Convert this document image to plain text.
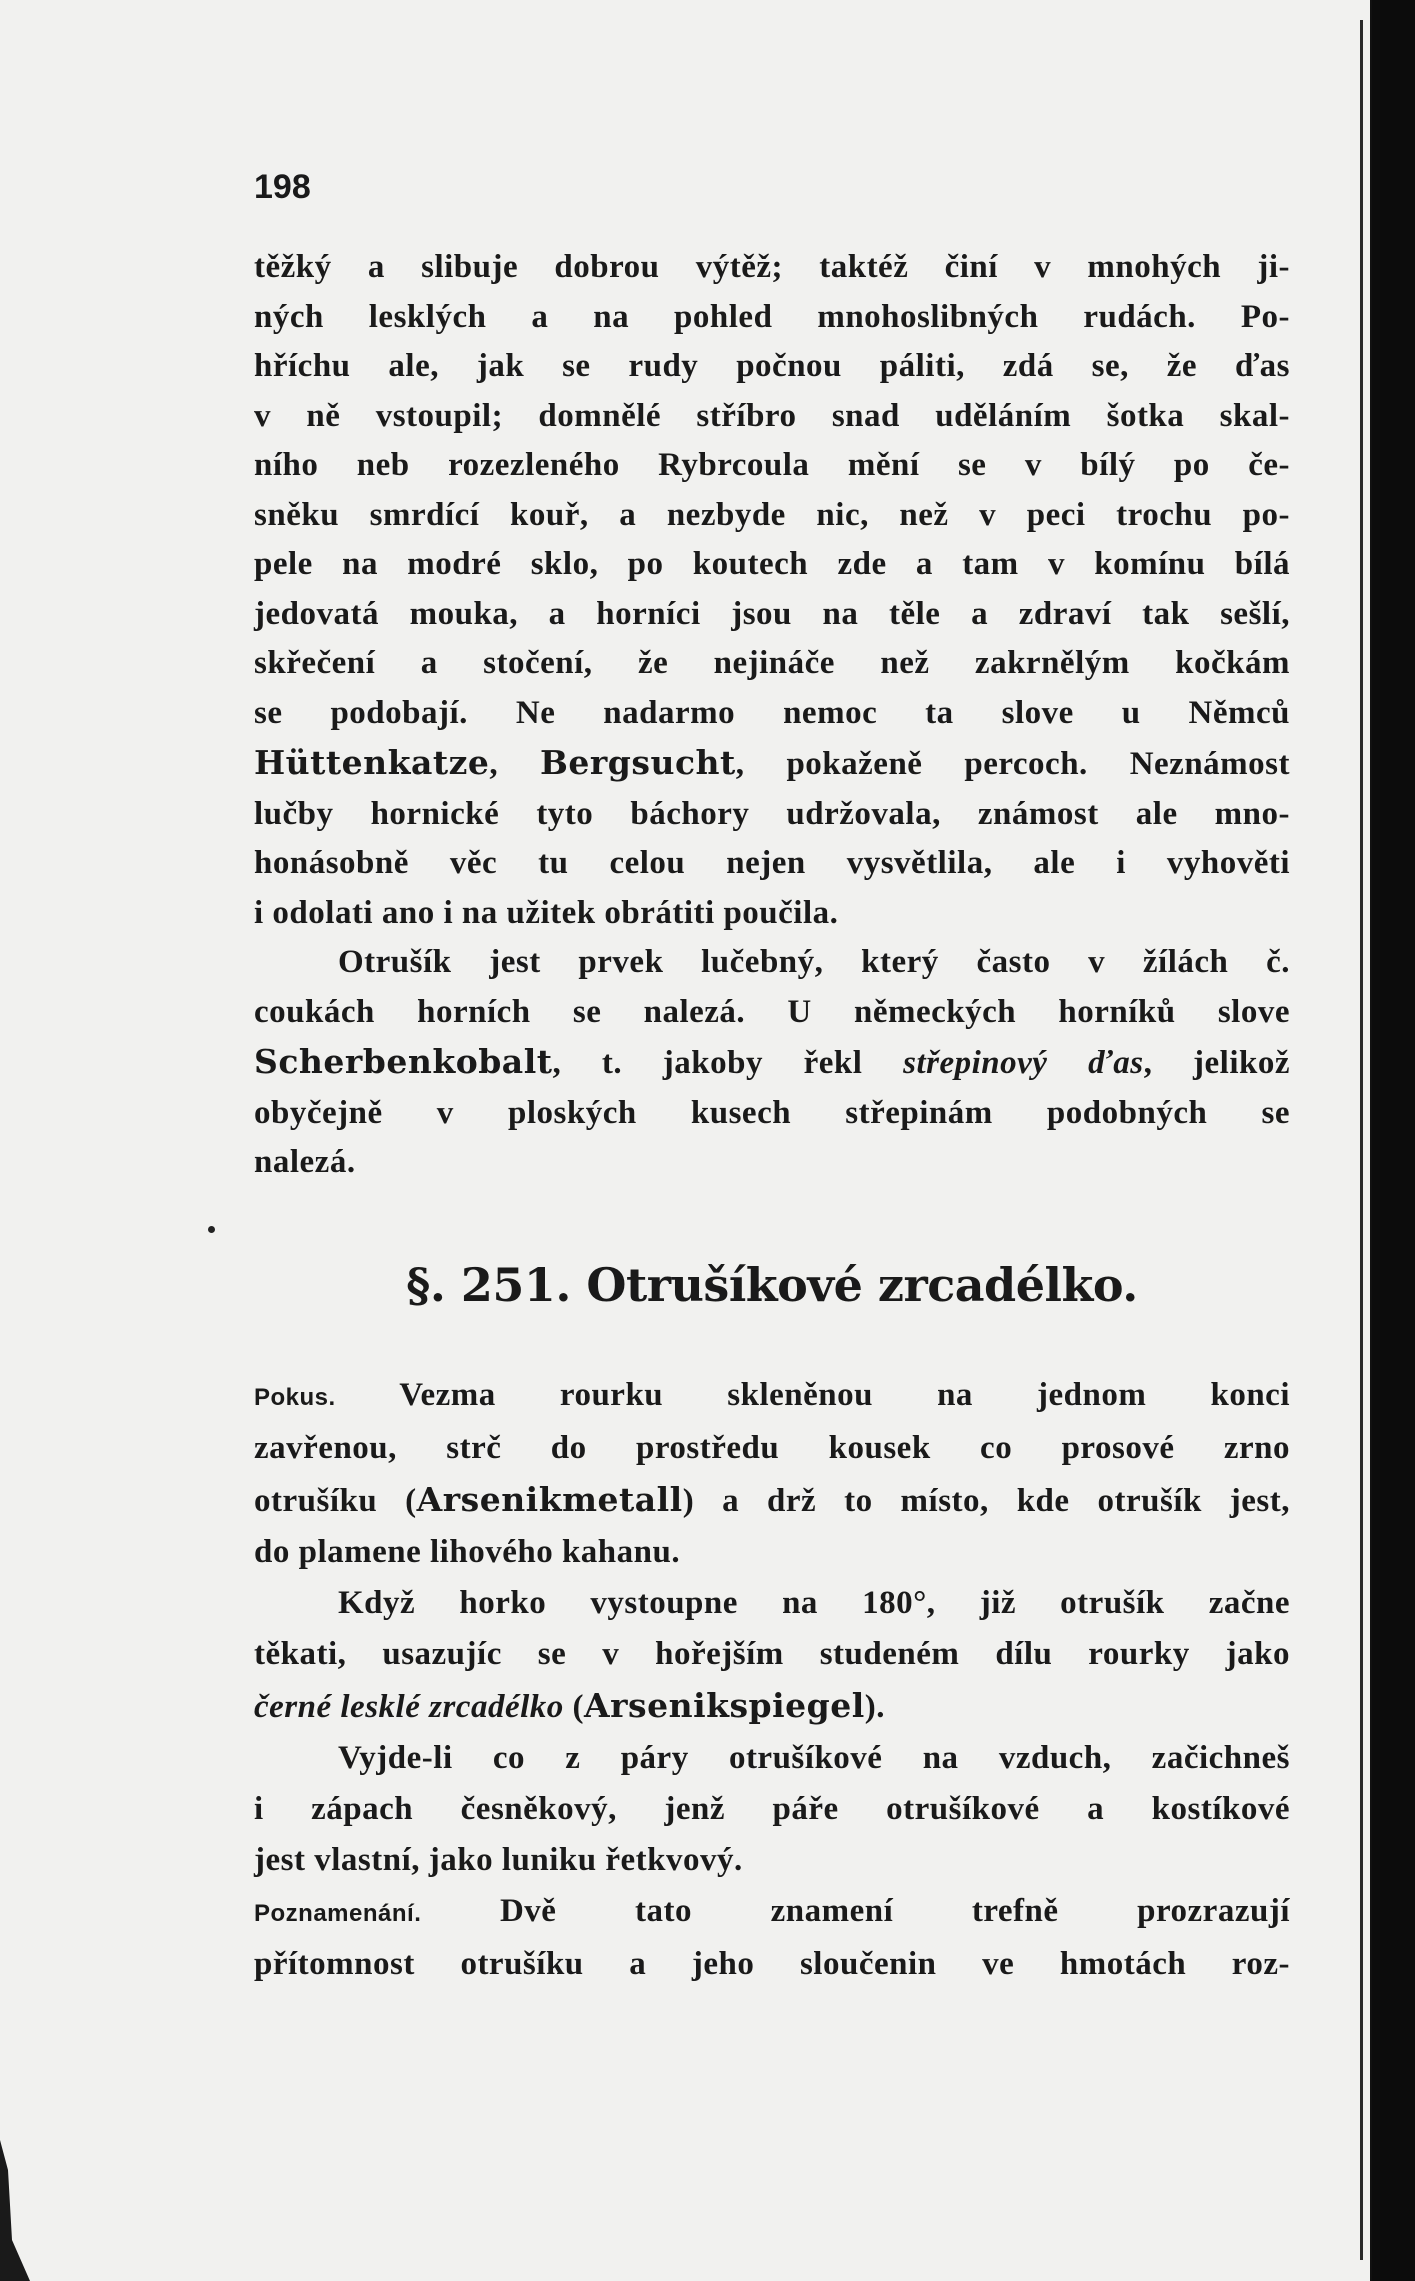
198

těžký a slibuje dobrou výtěž; taktéž činí v mnohých ji-
ných lesklých a na pohled mnohoslibných rudách. Po-
hříchu ale, jak se rudy počnou páliti, zdá se, že ďas
v ně vstoupil; domnělé stříbro snad uděláním šotka skal-
ního neb rozezleného Rybrcoula mění se v bílý po če-
sněku smrdící kouř, a nezbyde nic, než v peci trochu po-
pele na modré sklo, po koutech zde a tam v komínu bílá
jedovatá mouka, a horníci jsou na těle a zdraví tak sešlí,
skřečení a stočení, že nejináče než zakrnělým kočkám
se podobají. Ne nadarmo nemoc ta slove u Němců
Hüttenkatze, Bergsucht, pokaženě percoch. Neznámost
lučby hornické tyto báchory udržovala, známost ale mno-
honásobně věc tu celou nejen vysvětlila, ale i vyhověti
i odolati ano i na užitek obrátiti poučila.

Otrušík jest prvek lučebný, který často v žílách č.
coukách horních se nalezá. U německých horníků slove
Scherbenkobalt, t. jakoby řekl střepinový ďas, jelikož
obyčejně v ploských kusech střepinám podobných se
nalezá.

§. 251. Otrušíkové zrcadélko.

Pokus. Vezma rourku skleněnou na jednom konci
zavřenou, strč do prostředu kousek co prosové zrno
otrušíku (Arsenikmetall) a drž to místo, kde otrušík jest,
do plamene lihového kahanu.

Když horko vystoupne na 180°, již otrušík začne
těkati, usazujíc se v hořejším studeném dílu rourky jako
černé lesklé zrcadélko (Arsenikspiegel).

Vyjde-li co z páry otrušíkové na vzduch, začichneš
i zápach česněkový, jenž páře otrušíkové a kostíkové
jest vlastní, jako luniku řetkvový.

Poznamenání. Dvě tato znamení trefně prozrazují
přítomnost otrušíku a jeho sloučenin ve hmotách roz-
